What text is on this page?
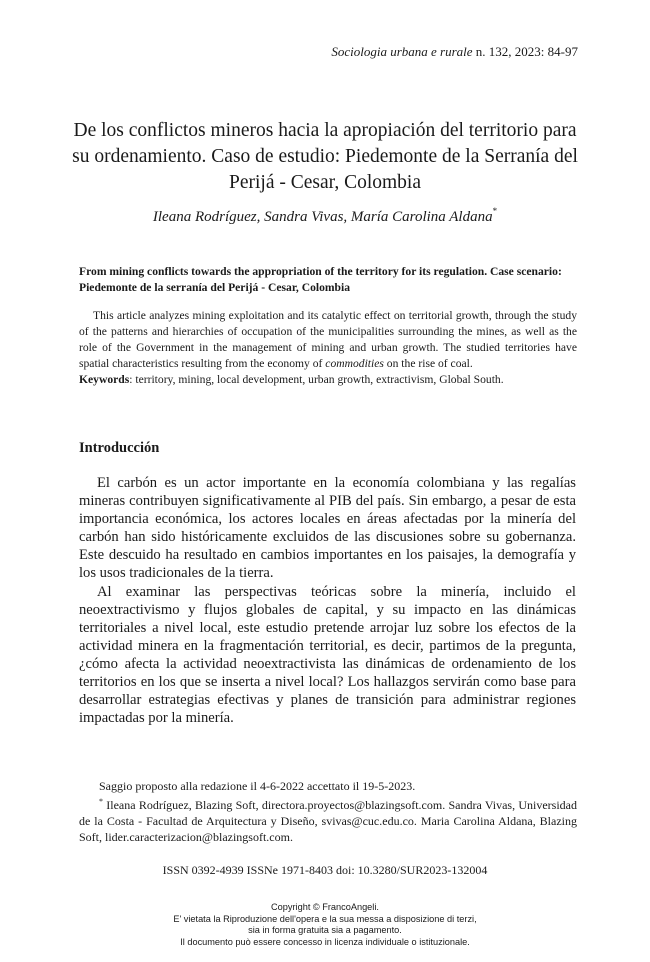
Sociologia urbana e rurale n. 132, 2023: 84-97
De los conflictos mineros hacia la apropiación del territorio para su ordenamiento. Caso de estudio: Piedemonte de la Serranía del Perijá - Cesar, Colombia
Ileana Rodríguez, Sandra Vivas, María Carolina Aldana*
From mining conflicts towards the appropriation of the territory for its regulation. Case scenario: Piedemonte de la serranía del Perijá - Cesar, Colombia

This article analyzes mining exploitation and its catalytic effect on territorial growth, through the study of the patterns and hierarchies of occupation of the municipalities surrounding the mines, as well as the role of the Government in the management of mining and urban growth. The studied territories have spatial characteristics resulting from the economy of commodities on the rise of coal.

Keywords: territory, mining, local development, urban growth, extractivism, Global South.

Introducción

El carbón es un actor importante en la economía colombiana y las regalías mineras contribuyen significativamente al PIB del país. Sin embargo, a pesar de esta importancia económica, los actores locales en áreas afectadas por la minería del carbón han sido históricamente excluidos de las discusiones sobre su gobernanza. Este descuido ha resultado en cambios importantes en los paisajes, la demografía y los usos tradicionales de la tierra.

Al examinar las perspectivas teóricas sobre la minería, incluido el neoextractivismo y flujos globales de capital, y su impacto en las dinámicas territoriales a nivel local, este estudio pretende arrojar luz sobre los efectos de la actividad minera en la fragmentación territorial, es decir, partimos de la pregunta, ¿cómo afecta la actividad neoextractivista las dinámicas de ordenamiento de los territorios en los que se inserta a nivel local? Los hallazgos servirán como base para desarrollar estrategias efectivas y planes de transición para administrar regiones impactadas por la minería.

Saggio proposto alla redazione il 4-6-2022 accettato il 19-5-2023.

* Ileana Rodríguez, Blazing Soft, directora.proyectos@blazingsoft.com. Sandra Vivas, Universidad de la Costa - Facultad de Arquitectura y Diseño, svivas@cuc.edu.co. Maria Carolina Aldana, Blazing Soft, lider.caracterizacion@blazingsoft.com.

ISSN 0392-4939 ISSNe 1971-8403 doi: 10.3280/SUR2023-132004
Copyright © FrancoAngeli.
E' vietata la Riproduzione dell'opera e la sua messa a disposizione di terzi,
sia in forma gratuita sia a pagamento.
Il documento può essere concesso in licenza individuale o istituzionale.
